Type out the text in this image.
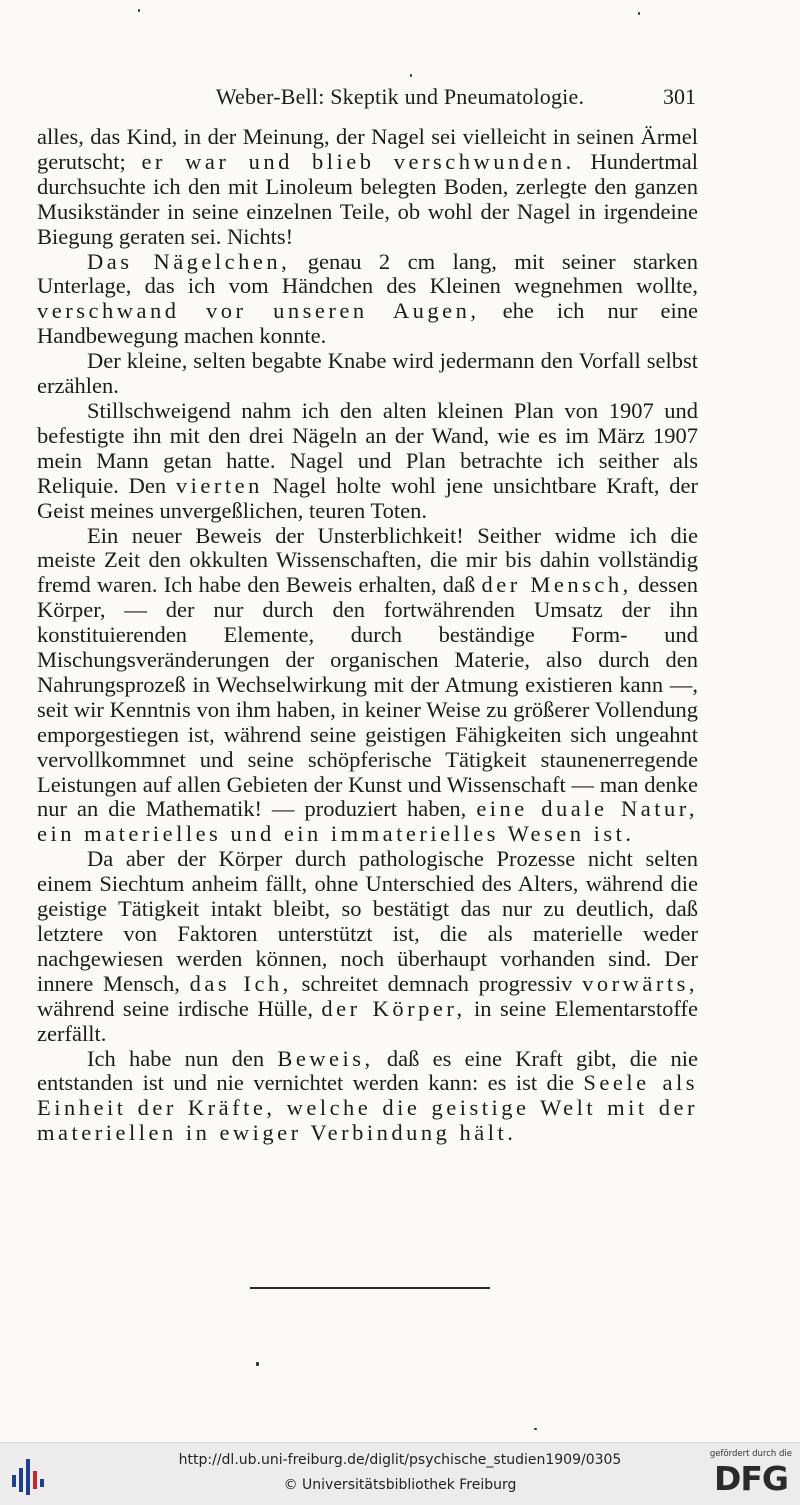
Weber-Bell: Skeptik und Pneumatologie.	301

alles, das Kind, in der Meinung, der Nagel sei vielleicht in seinen Ärmel gerutscht; er war und blieb verschwunden. Hundertmal durchsuchte ich den mit Linoleum belegten Boden, zerlegte den ganzen Musikständer in seine einzelnen Teile, ob wohl der Nagel in irgendeine Biegung geraten sei. Nichts!

Das Nägelchen, genau 2 cm lang, mit seiner starken Unterlage, das ich vom Händchen des Kleinen wegnehmen wollte, verschwand vor unseren Augen, ehe ich nur eine Handbewegung machen konnte.

Der kleine, selten begabte Knabe wird jedermann den Vorfall selbst erzählen.

Stillschweigend nahm ich den alten kleinen Plan von 1907 und befestigte ihn mit den drei Nägeln an der Wand, wie es im März 1907 mein Mann getan hatte. Nagel und Plan betrachte ich seither als Reliquie. Den vierten Nagel holte wohl jene unsichtbare Kraft, der Geist meines unvergeßlichen, teuren Toten.

Ein neuer Beweis der Unsterblichkeit! Seither widme ich die meiste Zeit den okkulten Wissenschaften, die mir bis dahin vollständig fremd waren. Ich habe den Beweis erhalten, daß der Mensch, dessen Körper, — der nur durch den fortwährenden Umsatz der ihn konstituierenden Elemente, durch beständige Form- und Mischungsveränderungen der organischen Materie, also durch den Nahrungsprozeß in Wechselwirkung mit der Atmung existieren kann —, seit wir Kenntnis von ihm haben, in keiner Weise zu größerer Vollendung emporgestiegen ist, während seine geistigen Fähigkeiten sich ungeahnt vervollkommnet und seine schöpferische Tätigkeit staunenerregende Leistungen auf allen Gebieten der Kunst und Wissenschaft — man denke nur an die Mathematik! — produziert haben, eine duale Natur, ein materielles und ein immaterielles Wesen ist.

Da aber der Körper durch pathologische Prozesse nicht selten einem Siechtum anheim fällt, ohne Unterschied des Alters, während die geistige Tätigkeit intakt bleibt, so bestätigt das nur zu deutlich, daß letztere von Faktoren unterstützt ist, die als materielle weder nachgewiesen werden können, noch überhaupt vorhanden sind. Der innere Mensch, das Ich, schreitet demnach progressiv vorwärts, während seine irdische Hülle, der Körper, in seine Elementarstoffe zerfällt.

Ich habe nun den Beweis, daß es eine Kraft gibt, die nie entstanden ist und nie vernichtet werden kann: es ist die Seele als Einheit der Kräfte, welche die geistige Welt mit der materiellen in ewiger Verbindung hält.

http://dl.ub.uni-freiburg.de/diglit/psychische_studien1909/0305
© Universitätsbibliothek Freiburg
gefördert durch die
DFG
